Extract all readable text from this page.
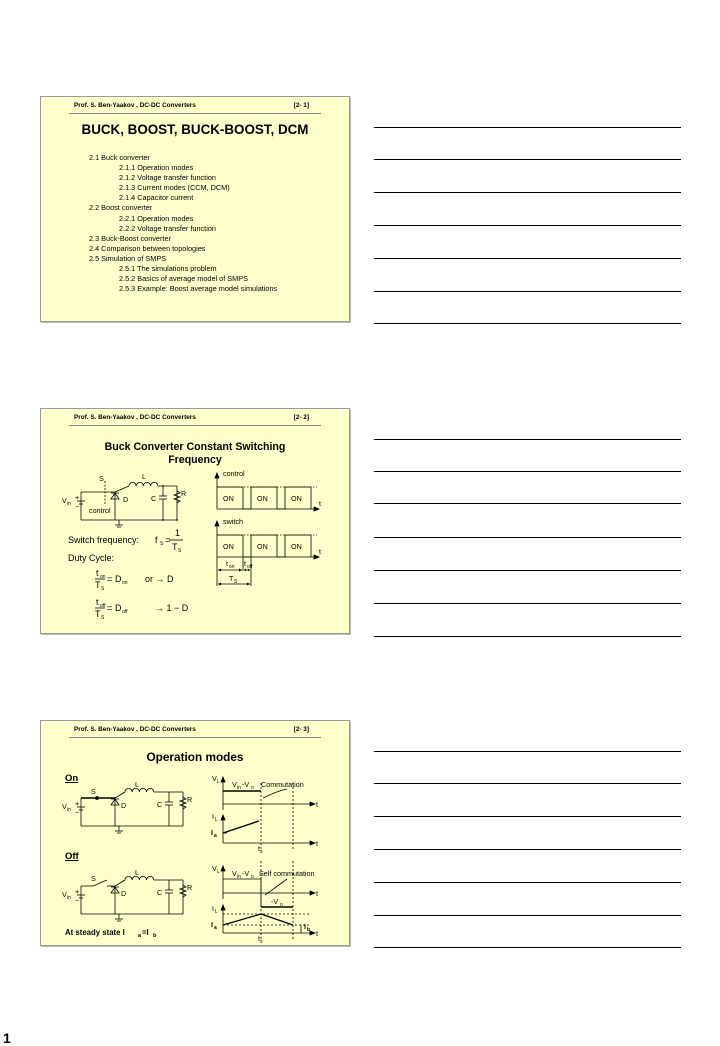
Prof. S. Ben-Yaakov , DC-DC Converters	[2- 1]
BUCK, BOOST, BUCK-BOOST, DCM
2.1 Buck converter
2.1.1 Operation modes
2.1.2 Voltage transfer function
2.1.3 Current modes (CCM, DCM)
2.1.4 Capacitor current
2.2 Boost converter
2.2.1 Operation modes
2.2.2 Voltage transfer function
2.3 Buck-Boost converter
2.4 Comparison between topologies
2.5 Simulation of SMPS
2.5.1 The simulations problem
2.5.2 Basics of average model of SMPS
2.5.3 Example: Boost average model simulations
Prof. S. Ben-Yaakov , DC-DC Converters	[2- 2]
Buck Converter Constant Switching
Frequency
S	L
R
C
D
+
−
V in
control
control
switch
ON	ON	ON
t
ON	ON	ON
t
t on t off
T S
Switch frequency: f S =
1
T S
Duty Cycle:
t on
T S
= D on or → D
t off
T S
= D off	→ 1 − D
Prof. S. Ben-Yaakov , DC-DC Converters	[2- 3]
Operation modes
On
Off
S
L
R
C
D
V in
+
−
S
L
R
C
D
V in
+
−
V L V in -V o Commutation
t
I L
I a
t
t s
V L V in -V o Self commutation
t
-V o
I L
I a	I b t
t s
At steady state I a =I b
1
